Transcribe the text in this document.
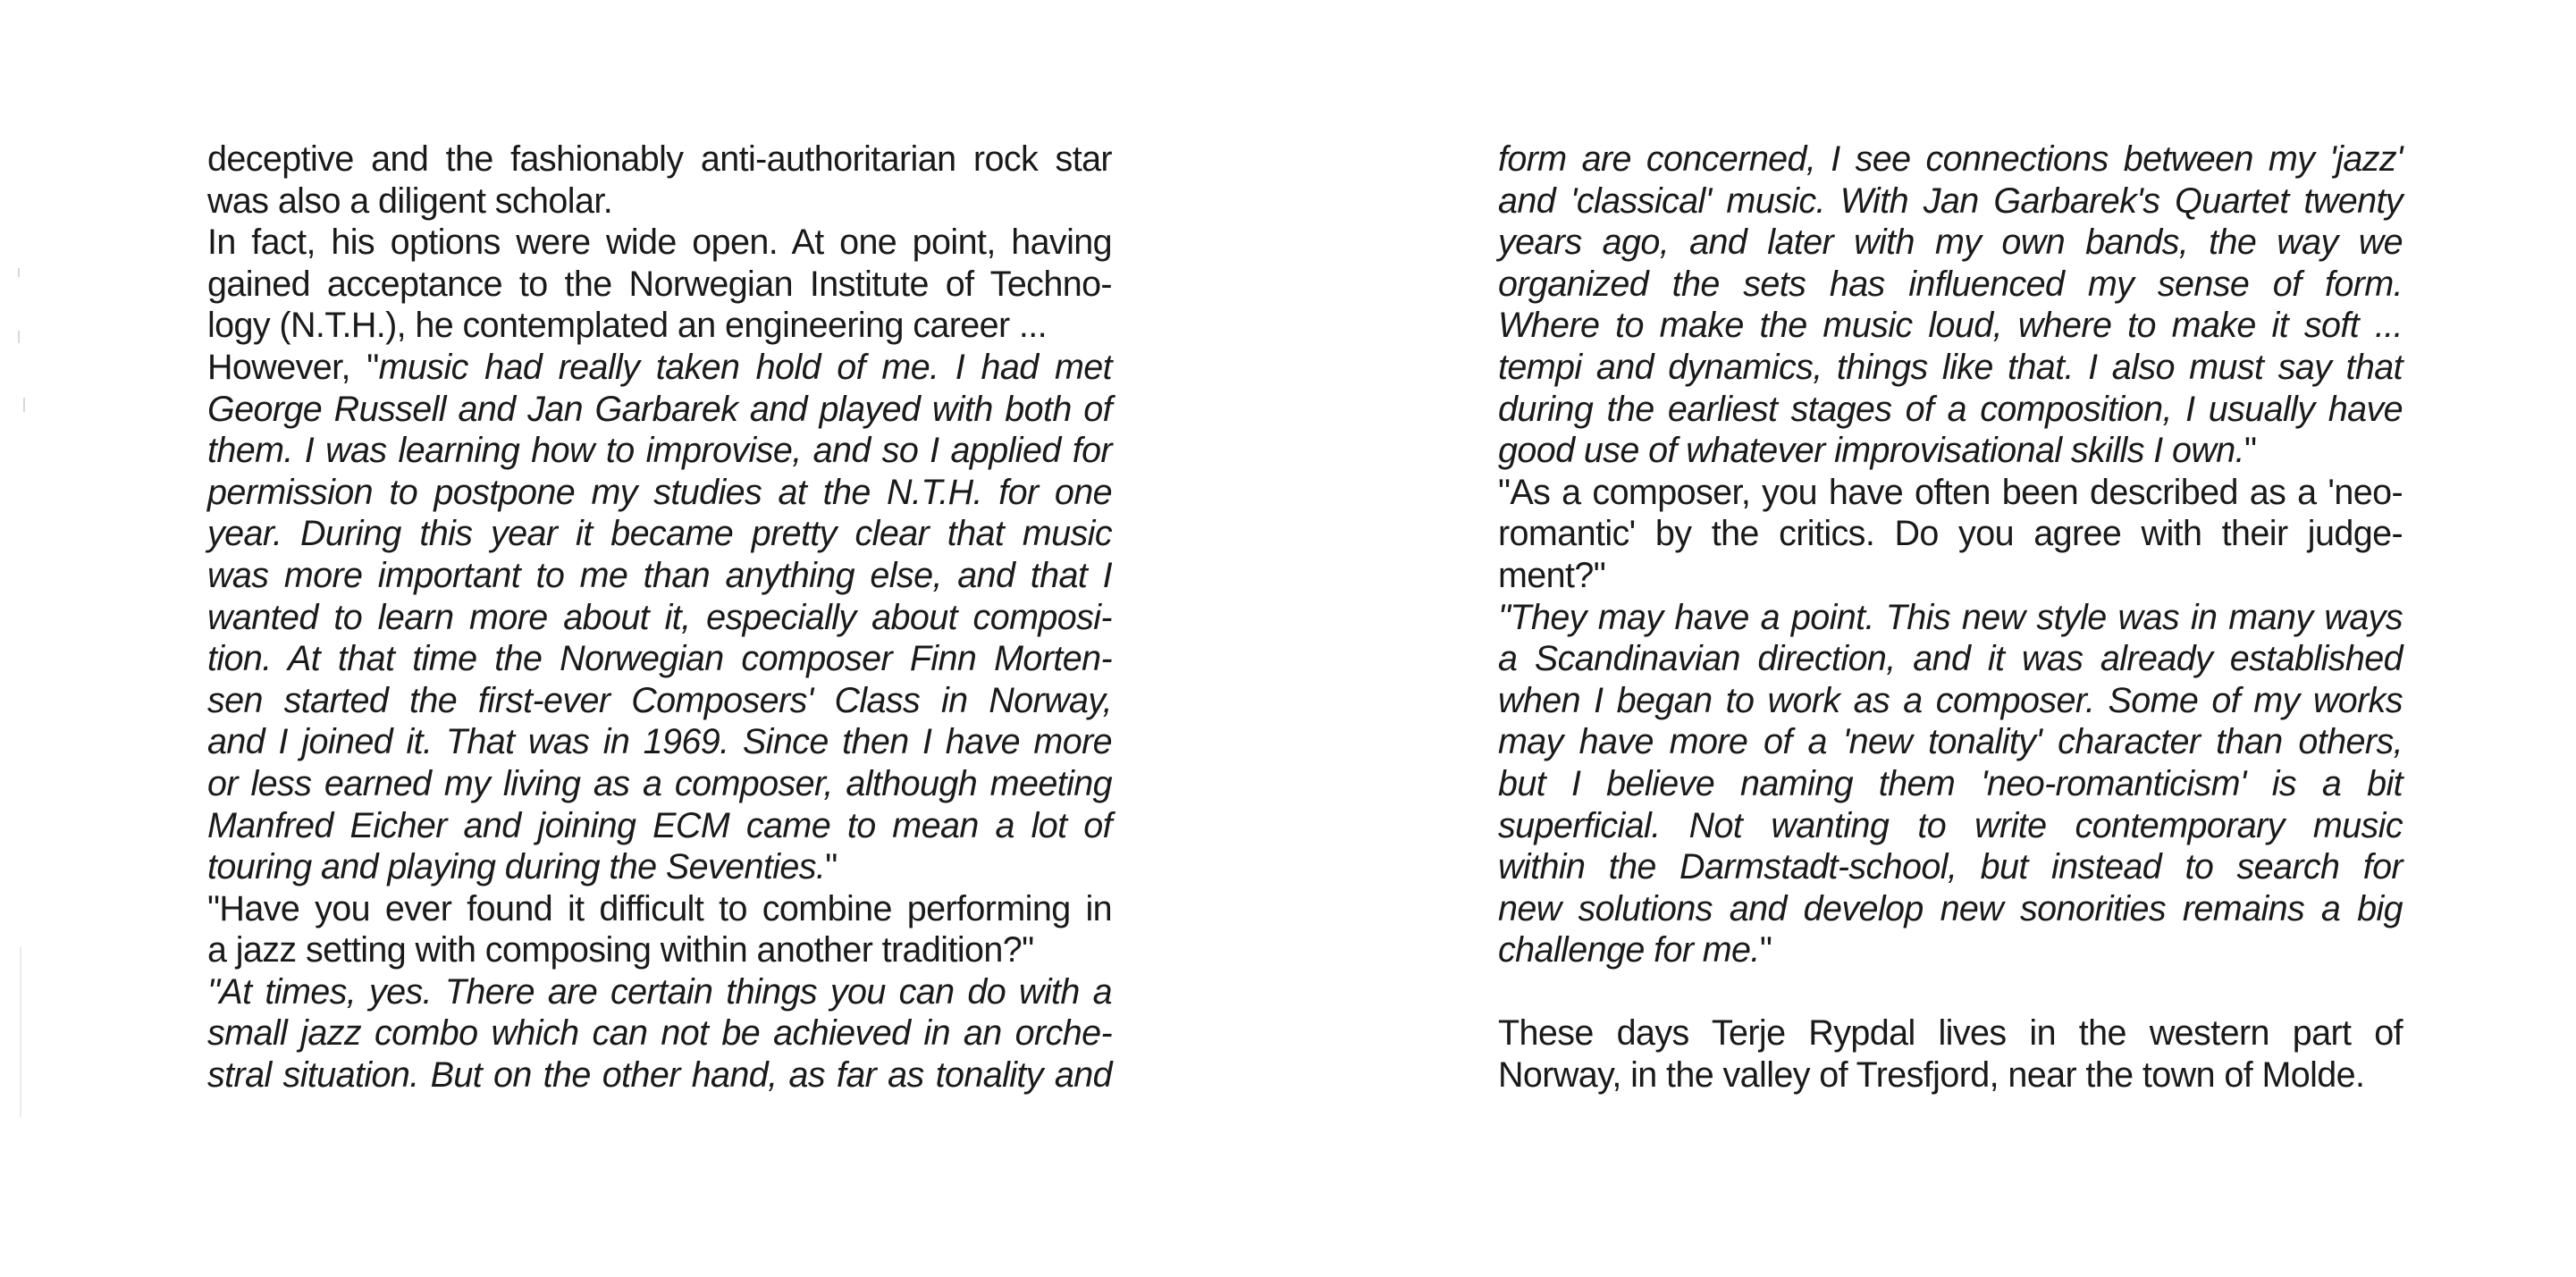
deceptive and the fashionably anti-authoritarian rock star
was also a diligent scholar.
In fact, his options were wide open. At one point, having
gained acceptance to the Norwegian Institute of Techno-
logy (N.T.H.), he contemplated an engineering career ...
However, "music had really taken hold of me. I had met
George Russell and Jan Garbarek and played with both of
them. I was learning how to improvise, and so I applied for
permission to postpone my studies at the N.T.H. for one
year. During this year it became pretty clear that music
was more important to me than anything else, and that I
wanted to learn more about it, especially about composi-
tion. At that time the Norwegian composer Finn Morten-
sen started the first-ever Composers' Class in Norway,
and I joined it. That was in 1969. Since then I have more
or less earned my living as a composer, although meeting
Manfred Eicher and joining ECM came to mean a lot of
touring and playing during the Seventies."
"Have you ever found it difficult to combine performing in
a jazz setting with composing within another tradition?"
"At times, yes. There are certain things you can do with a
small jazz combo which can not be achieved in an orche-
stral situation. But on the other hand, as far as tonality and
form are concerned, I see connections between my 'jazz'
and 'classical' music. With Jan Garbarek's Quartet twenty
years ago, and later with my own bands, the way we
organized the sets has influenced my sense of form.
Where to make the music loud, where to make it soft ...
tempi and dynamics, things like that. I also must say that
during the earliest stages of a composition, I usually have
good use of whatever improvisational skills I own."
"As a composer, you have often been described as a 'neo-
romantic' by the critics. Do you agree with their judge-
ment?"
"They may have a point. This new style was in many ways
a Scandinavian direction, and it was already established
when I began to work as a composer. Some of my works
may have more of a 'new tonality' character than others,
but I believe naming them 'neo-romanticism' is a bit
superficial. Not wanting to write contemporary music
within the Darmstadt-school, but instead to search for
new solutions and develop new sonorities remains a big
challenge for me."
These days Terje Rypdal lives in the western part of
Norway, in the valley of Tresfjord, near the town of Molde.
